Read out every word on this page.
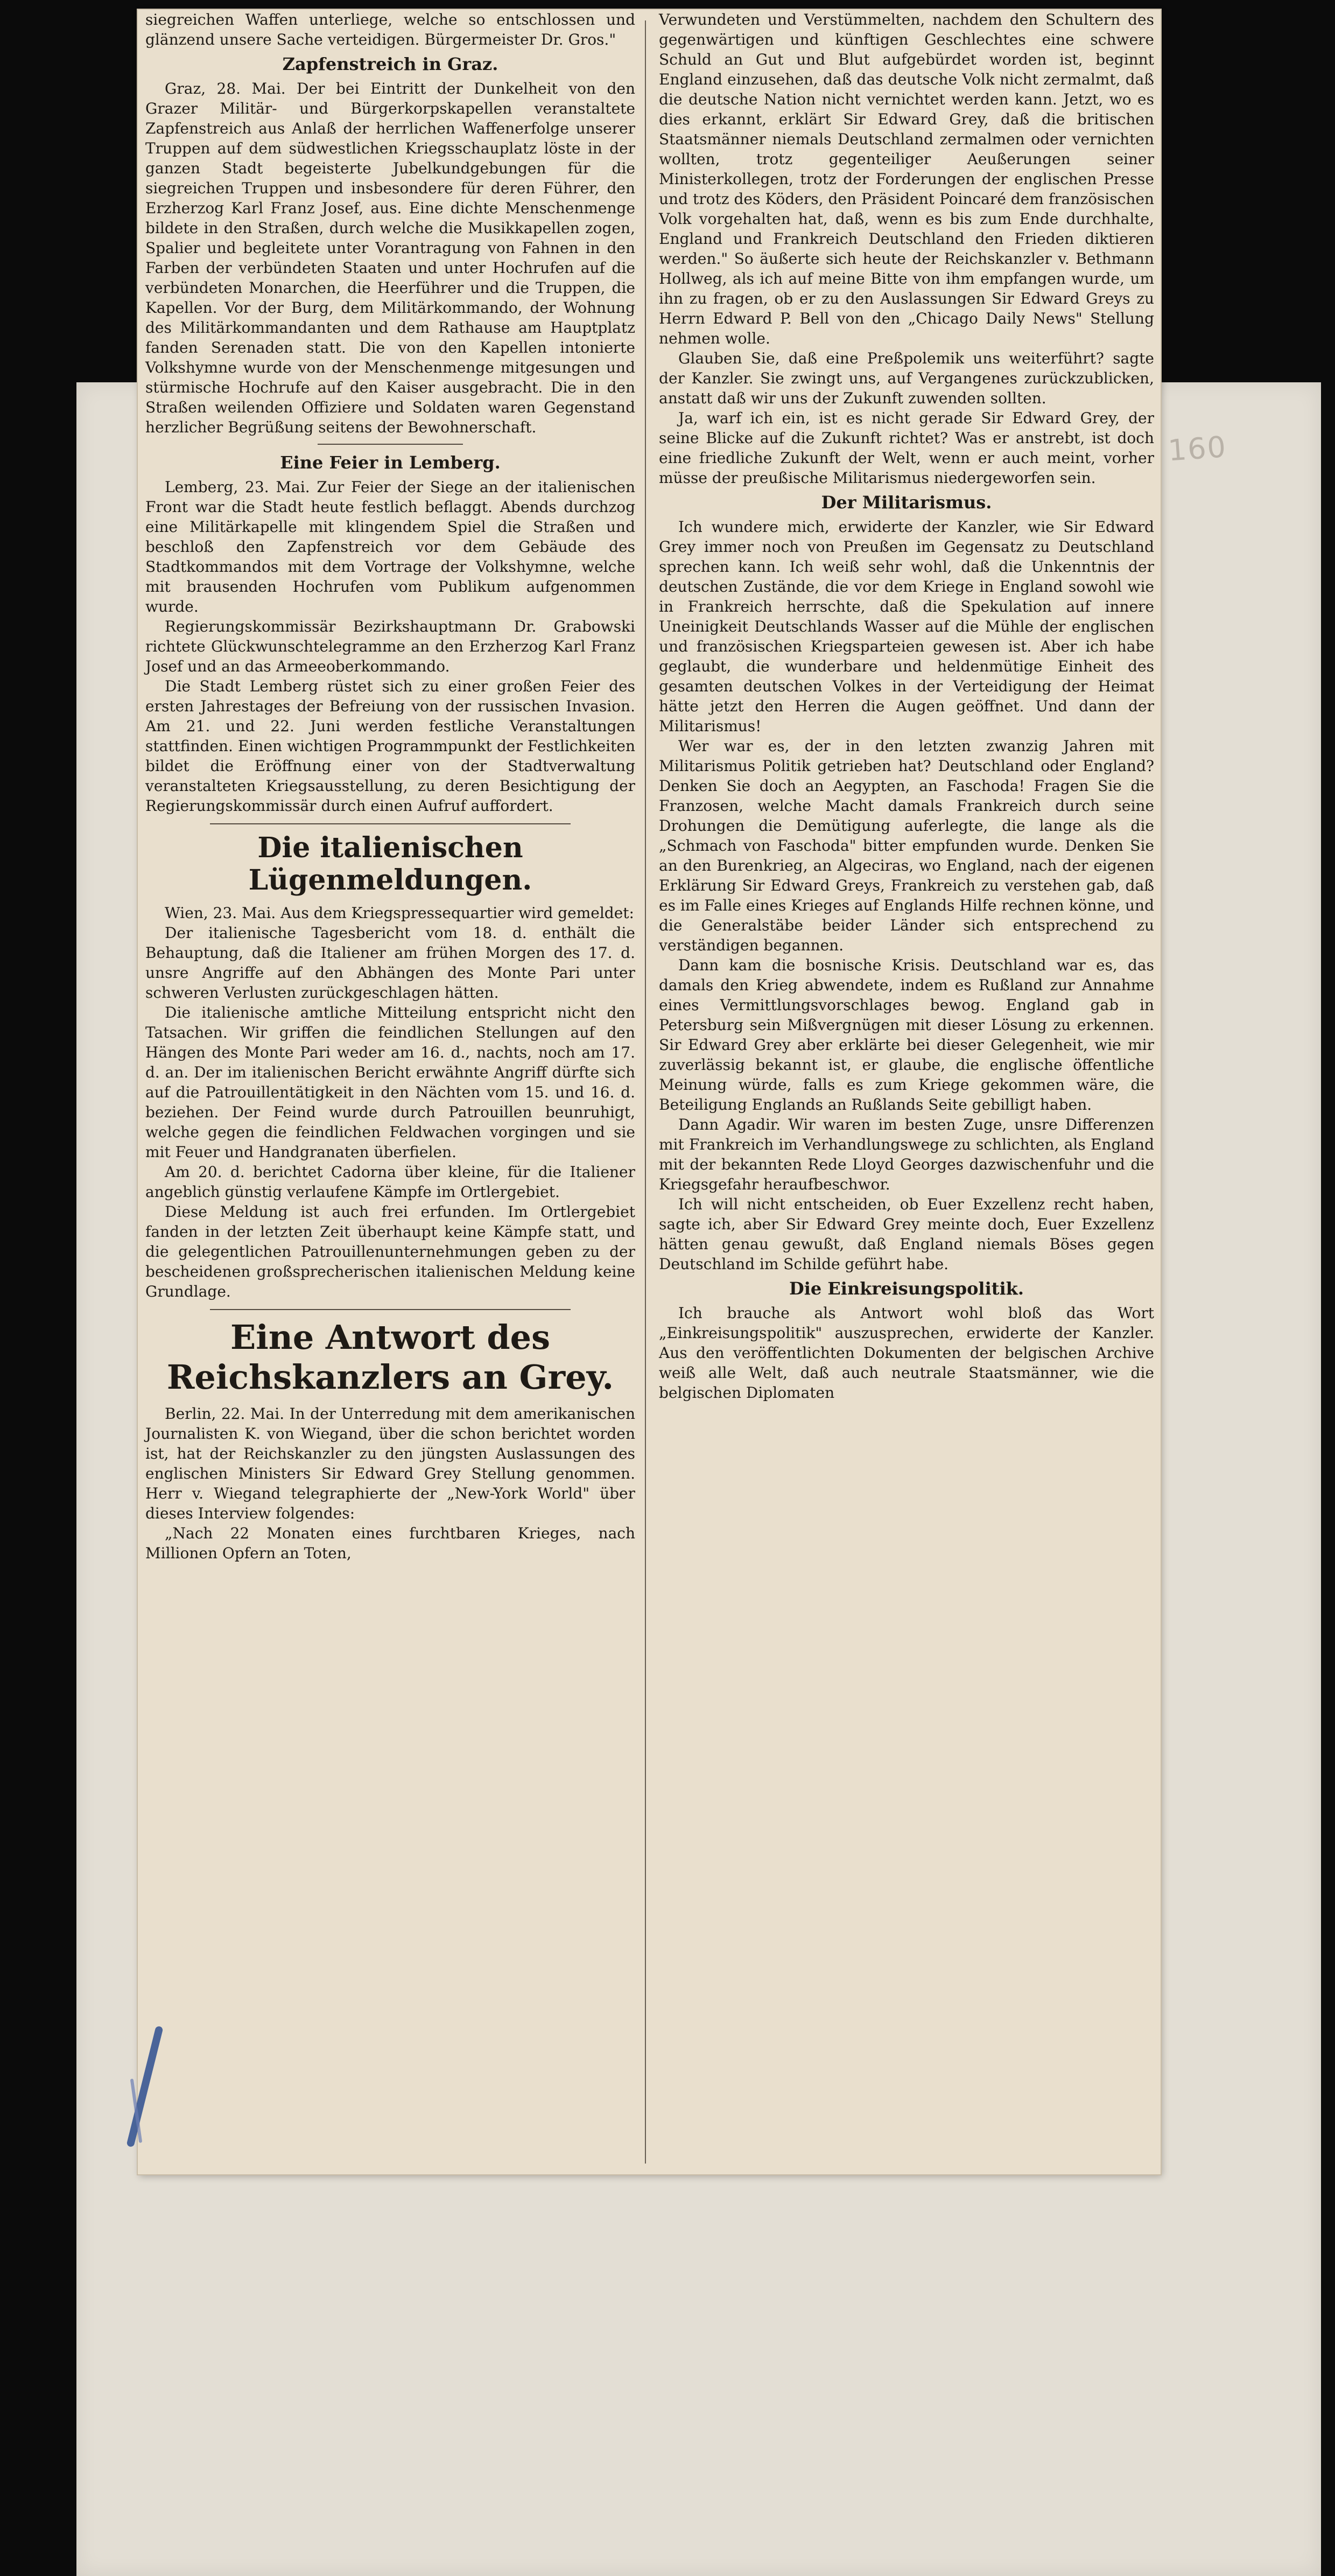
160

siegreichen Waffen unterliege, welche so entschlossen und glänzend unsere Sache verteidigen. Bürgermeister Dr. Gros."

Zapfenstreich in Graz.

Graz, 28. Mai. Der bei Eintritt der Dunkelheit von den Grazer Militär- und Bürgerkorpskapellen veranstaltete Zapfenstreich aus Anlaß der herrlichen Waffenerfolge unserer Truppen auf dem südwestlichen Kriegsschauplatz löste in der ganzen Stadt begeisterte Jubelkundgebungen für die siegreichen Truppen und insbesondere für deren Führer, den Erzherzog Karl Franz Josef, aus. Eine dichte Menschenmenge bildete in den Straßen, durch welche die Musikkapellen zogen, Spalier und begleitete unter Vorantragung von Fahnen in den Farben der verbündeten Staaten und unter Hochrufen auf die verbündeten Monarchen, die Heerführer und die Truppen, die Kapellen. Vor der Burg, dem Militärkommando, der Wohnung des Militärkommandanten und dem Rathause am Hauptplatz fanden Serenaden statt. Die von den Kapellen intonierte Volkshymne wurde von der Menschenmenge mitgesungen und stürmische Hochrufe auf den Kaiser ausgebracht. Die in den Straßen weilenden Offiziere und Soldaten waren Gegenstand herzlicher Begrüßung seitens der Bewohnerschaft.

Eine Feier in Lemberg.

Lemberg, 23. Mai. Zur Feier der Siege an der italienischen Front war die Stadt heute festlich beflaggt. Abends durchzog eine Militärkapelle mit klingendem Spiel die Straßen und beschloß den Zapfenstreich vor dem Gebäude des Stadtkommandos mit dem Vortrage der Volkshymne, welche mit brausenden Hochrufen vom Publikum aufgenommen wurde.

Regierungskommissär Bezirkshauptmann Dr. Grabowski richtete Glückwunschtelegramme an den Erzherzog Karl Franz Josef und an das Armeeoberkommando.

Die Stadt Lemberg rüstet sich zu einer großen Feier des ersten Jahrestages der Befreiung von der russischen Invasion. Am 21. und 22. Juni werden festliche Veranstaltungen stattfinden. Einen wichtigen Programmpunkt der Festlichkeiten bildet die Eröffnung einer von der Stadtverwaltung veranstalteten Kriegsausstellung, zu deren Besichtigung der Regierungskommissär durch einen Aufruf auffordert.

Die italienischen Lügenmeldungen.

Wien, 23. Mai. Aus dem Kriegspressequartier wird gemeldet:

Der italienische Tagesbericht vom 18. d. enthält die Behauptung, daß die Italiener am frühen Morgen des 17. d. unsre Angriffe auf den Abhängen des Monte Pari unter schweren Verlusten zurückgeschlagen hätten.

Die italienische amtliche Mitteilung entspricht nicht den Tatsachen. Wir griffen die feindlichen Stellungen auf den Hängen des Monte Pari weder am 16. d., nachts, noch am 17. d. an. Der im italienischen Bericht erwähnte Angriff dürfte sich auf die Patrouillentätigkeit in den Nächten vom 15. und 16. d. beziehen. Der Feind wurde durch Patrouillen beunruhigt, welche gegen die feindlichen Feldwachen vorgingen und sie mit Feuer und Handgranaten überfielen.

Am 20. d. berichtet Cadorna über kleine, für die Italiener angeblich günstig verlaufene Kämpfe im Ortlergebiet.

Diese Meldung ist auch frei erfunden. Im Ortlergebiet fanden in der letzten Zeit überhaupt keine Kämpfe statt, und die gelegentlichen Patrouillenunternehmungen geben zu der bescheidenen großsprecherischen italienischen Meldung keine Grundlage.

Eine Antwort des Reichskanzlers an Grey.

Berlin, 22. Mai. In der Unterredung mit dem amerikanischen Journalisten K. von Wiegand, über die schon berichtet worden ist, hat der Reichskanzler zu den jüngsten Auslassungen des englischen Ministers Sir Edward Grey Stellung genommen. Herr v. Wiegand telegraphierte der „New-York World" über dieses Interview folgendes:

„Nach 22 Monaten eines furchtbaren Krieges, nach Millionen Opfern an Toten,

Verwundeten und Verstümmelten, nachdem den Schultern des gegenwärtigen und künftigen Geschlechtes eine schwere Schuld an Gut und Blut aufgebürdet worden ist, beginnt England einzusehen, daß das deutsche Volk nicht zermalmt, daß die deutsche Nation nicht vernichtet werden kann. Jetzt, wo es dies erkannt, erklärt Sir Edward Grey, daß die britischen Staatsmänner niemals Deutschland zermalmen oder vernichten wollten, trotz gegenteiliger Aeußerungen seiner Ministerkollegen, trotz der Forderungen der englischen Presse und trotz des Köders, den Präsident Poincaré dem französischen Volk vorgehalten hat, daß, wenn es bis zum Ende durchhalte, England und Frankreich Deutschland den Frieden diktieren werden." So äußerte sich heute der Reichskanzler v. Bethmann Hollweg, als ich auf meine Bitte von ihm empfangen wurde, um ihn zu fragen, ob er zu den Auslassungen Sir Edward Greys zu Herrn Edward P. Bell von den „Chicago Daily News" Stellung nehmen wolle.

Glauben Sie, daß eine Preßpolemik uns weiterführt? sagte der Kanzler. Sie zwingt uns, auf Vergangenes zurückzublicken, anstatt daß wir uns der Zukunft zuwenden sollten.

Ja, warf ich ein, ist es nicht gerade Sir Edward Grey, der seine Blicke auf die Zukunft richtet? Was er anstrebt, ist doch eine friedliche Zukunft der Welt, wenn er auch meint, vorher müsse der preußische Militarismus niedergeworfen sein.

Der Militarismus.

Ich wundere mich, erwiderte der Kanzler, wie Sir Edward Grey immer noch von Preußen im Gegensatz zu Deutschland sprechen kann. Ich weiß sehr wohl, daß die Unkenntnis der deutschen Zustände, die vor dem Kriege in England sowohl wie in Frankreich herrschte, daß die Spekulation auf innere Uneinigkeit Deutschlands Wasser auf die Mühle der englischen und französischen Kriegsparteien gewesen ist. Aber ich habe geglaubt, die wunderbare und heldenmütige Einheit des gesamten deutschen Volkes in der Verteidigung der Heimat hätte jetzt den Herren die Augen geöffnet. Und dann der Militarismus!

Wer war es, der in den letzten zwanzig Jahren mit Militarismus Politik getrieben hat? Deutschland oder England? Denken Sie doch an Aegypten, an Faschoda! Fragen Sie die Franzosen, welche Macht damals Frankreich durch seine Drohungen die Demütigung auferlegte, die lange als die „Schmach von Faschoda" bitter empfunden wurde. Denken Sie an den Burenkrieg, an Algeciras, wo England, nach der eigenen Erklärung Sir Edward Greys, Frankreich zu verstehen gab, daß es im Falle eines Krieges auf Englands Hilfe rechnen könne, und die Generalstäbe beider Länder sich entsprechend zu verständigen begannen.

Dann kam die bosnische Krisis. Deutschland war es, das damals den Krieg abwendete, indem es Rußland zur Annahme eines Vermittlungsvorschlages bewog. England gab in Petersburg sein Mißvergnügen mit dieser Lösung zu erkennen. Sir Edward Grey aber erklärte bei dieser Gelegenheit, wie mir zuverlässig bekannt ist, er glaube, die englische öffentliche Meinung würde, falls es zum Kriege gekommen wäre, die Beteiligung Englands an Rußlands Seite gebilligt haben.

Dann Agadir. Wir waren im besten Zuge, unsre Differenzen mit Frankreich im Verhandlungswege zu schlichten, als England mit der bekannten Rede Lloyd Georges dazwischenfuhr und die Kriegsgefahr heraufbeschwor.

Ich will nicht entscheiden, ob Euer Exzellenz recht haben, sagte ich, aber Sir Edward Grey meinte doch, Euer Exzellenz hätten genau gewußt, daß England niemals Böses gegen Deutschland im Schilde geführt habe.

Die Einkreisungspolitik.

Ich brauche als Antwort wohl bloß das Wort „Einkreisungspolitik" auszusprechen, erwiderte der Kanzler. Aus den veröffentlichten Dokumenten der belgischen Archive weiß alle Welt, daß auch neutrale Staatsmänner, wie die belgischen Diplomaten
